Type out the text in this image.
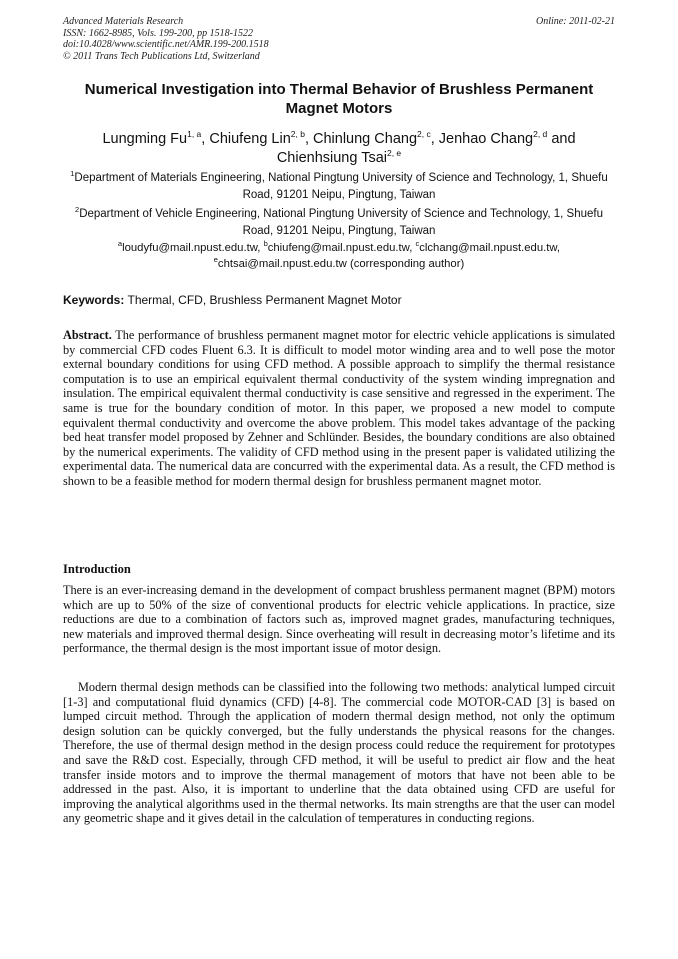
Advanced Materials Research
ISSN: 1662-8985, Vols. 199-200, pp 1518-1522
doi:10.4028/www.scientific.net/AMR.199-200.1518
© 2011 Trans Tech Publications Ltd, Switzerland
Online: 2011-02-21
Numerical Investigation into Thermal Behavior of Brushless Permanent Magnet Motors
Lungming Fu$^{1, a}$, Chiufeng Lin$^{2, b}$, Chinlung Chang$^{2, c}$, Jenhao Chang$^{2, d}$ and Chienhsiung Tsai$^{2, e}$
$^1$Department of Materials Engineering, National Pingtung University of Science and Technology, 1, Shuefu Road, 91201 Neipu, Pingtung, Taiwan
$^2$Department of Vehicle Engineering, National Pingtung University of Science and Technology, 1, Shuefu Road, 91201 Neipu, Pingtung, Taiwan
$^a$loudyfu@mail.npust.edu.tw, $^b$chiufeng@mail.npust.edu.tw, $^c$clchang@mail.npust.edu.tw,
$^e$chtsai@mail.npust.edu.tw (corresponding author)
Keywords: Thermal, CFD, Brushless Permanent Magnet Motor
Abstract. The performance of brushless permanent magnet motor for electric vehicle applications is simulated by commercial CFD codes Fluent 6.3. It is difficult to model motor winding area and to well pose the motor external boundary conditions for using CFD method. A possible approach to simplify the thermal resistance computation is to use an empirical equivalent thermal conductivity of the system winding impregnation and insulation. The empirical equivalent thermal conductivity is case sensitive and regressed in the experiment. The same is true for the boundary condition of motor. In this paper, we proposed a new model to compute equivalent thermal conductivity and overcome the above problem. This model takes advantage of the packing bed heat transfer model proposed by Zehner and Schlünder. Besides, the boundary conditions are also obtained by the numerical experiments. The validity of CFD method using in the present paper is validated utilizing the experimental data. The numerical data are concurred with the experimental data. As a result, the CFD method is shown to be a feasible method for modern thermal design for brushless permanent magnet motor.
Introduction
There is an ever-increasing demand in the development of compact brushless permanent magnet (BPM) motors which are up to 50% of the size of conventional products for electric vehicle applications. In practice, size reductions are due to a combination of factors such as, improved magnet grades, manufacturing techniques, new materials and improved thermal design. Since overheating will result in decreasing motor’s lifetime and its performance, the thermal design is the most important issue of motor design.
Modern thermal design methods can be classified into the following two methods: analytical lumped circuit [1-3] and computational fluid dynamics (CFD) [4-8]. The commercial code MOTOR-CAD [3] is based on lumped circuit method. Through the application of modern thermal design method, not only the optimum design solution can be quickly converged, but the fully understands the physical reasons for the changes. Therefore, the use of thermal design method in the design process could reduce the requirement for prototypes and save the R&D cost. Especially, through CFD method, it will be useful to predict air flow and the heat transfer inside motors and to improve the thermal management of motors that have not been able to be addressed in the past. Also, it is important to underline that the data obtained using CFD are useful for improving the analytical algorithms used in the thermal networks. Its main strengths are that the user can model any geometric shape and it gives detail in the calculation of temperatures in conducting regions.
